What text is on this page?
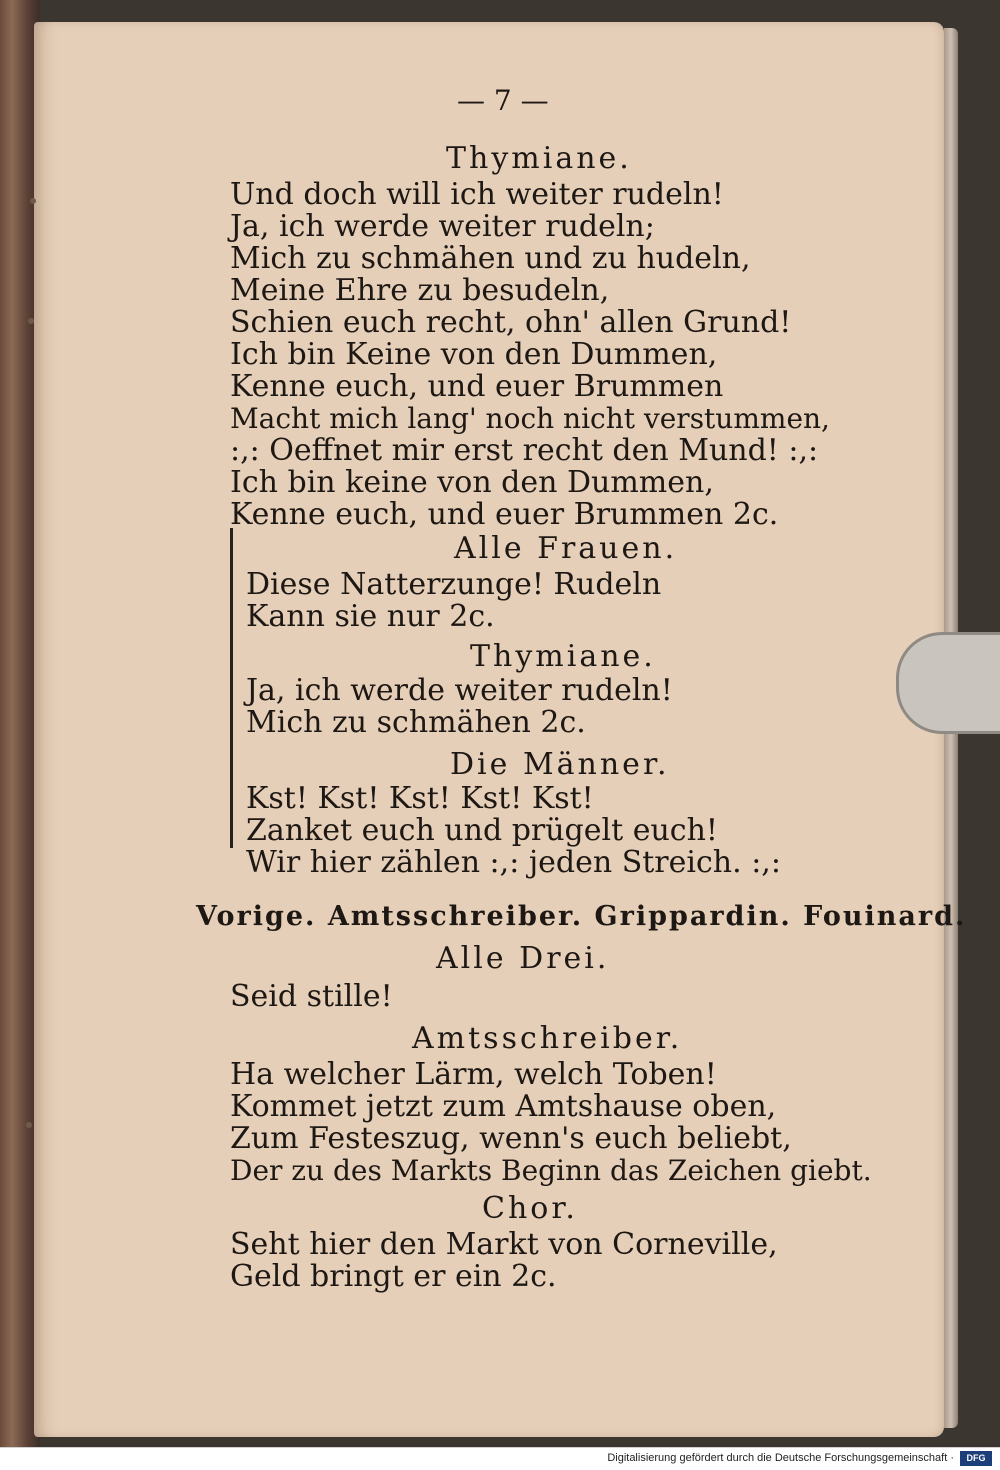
— 7 —
Thymiane.
Und doch will ich weiter rudeln!
Ja, ich werde weiter rudeln;
Mich zu schmähen und zu hudeln,
Meine Ehre zu besudeln,
Schien euch recht, ohn' allen Grund!
Ich bin Keine von den Dummen,
Kenne euch, und euer Brummen
Macht mich lang' noch nicht verstummen,
:,: Oeffnet mir erst recht den Mund! :,:
Ich bin keine von den Dummen,
Kenne euch, und euer Brummen 2c.
Alle Frauen.
Diese Natterzunge! Rudeln
Kann sie nur 2c.
Thymiane.
Ja, ich werde weiter rudeln!
Mich zu schmähen 2c.
Die Männer.
Kst! Kst! Kst! Kst! Kst!
Zanket euch und prügelt euch!
Wir hier zählen :,: jeden Streich. :,:
Vorige. Amtsschreiber. Grippardin. Fouinard.
Alle Drei.
Seid stille!
Amtsschreiber.
Ha welcher Lärm, welch Toben!
Kommet jetzt zum Amtshause oben,
Zum Festeszug, wenn's euch beliebt,
Der zu des Markts Beginn das Zeichen giebt.
Chor.
Seht hier den Markt von Corneville,
Geld bringt er ein 2c.
Digitalisierung gefördert durch die Deutsche Forschungsgemeinschaft ·	DFG
